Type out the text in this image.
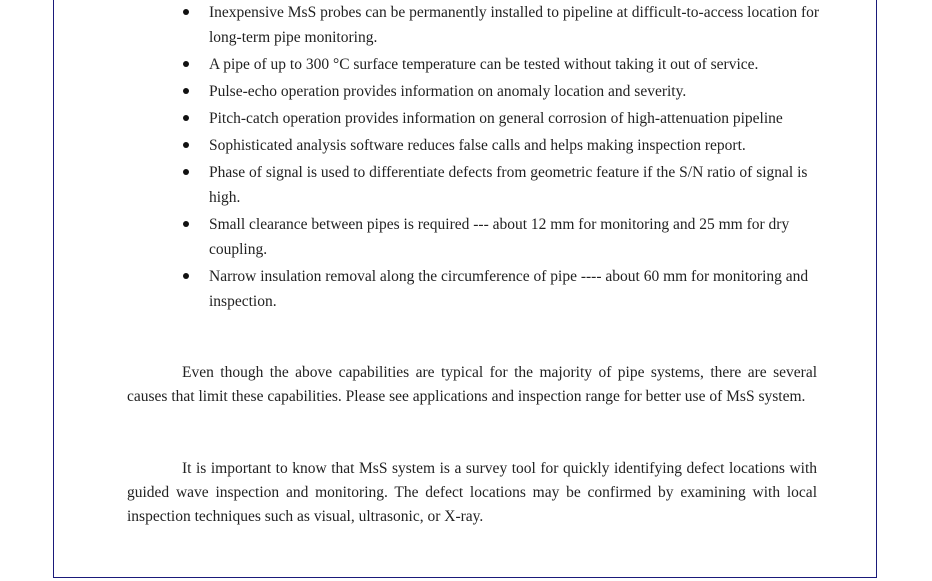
Inexpensive MsS probes can be permanently installed to pipeline at difficult-to-access location for long-term pipe monitoring.
A pipe of up to 300 °C surface temperature can be tested without taking it out of service.
Pulse-echo operation provides information on anomaly location and severity.
Pitch-catch operation provides information on general corrosion of high-attenuation pipeline
Sophisticated analysis software reduces false calls and helps making inspection report.
Phase of signal is used to differentiate defects from geometric feature if the S/N ratio of signal is high.
Small clearance between pipes is required --- about 12 mm for monitoring and 25 mm for dry coupling.
Narrow insulation removal along the circumference of pipe ---- about 60 mm for monitoring and inspection.

Even though the above capabilities are typical for the majority of pipe systems, there are several causes that limit these capabilities. Please see applications and inspection range for better use of MsS system.

It is important to know that MsS system is a survey tool for quickly identifying defect locations with guided wave inspection and monitoring. The defect locations may be confirmed by examining with local inspection techniques such as visual, ultrasonic, or X-ray.
